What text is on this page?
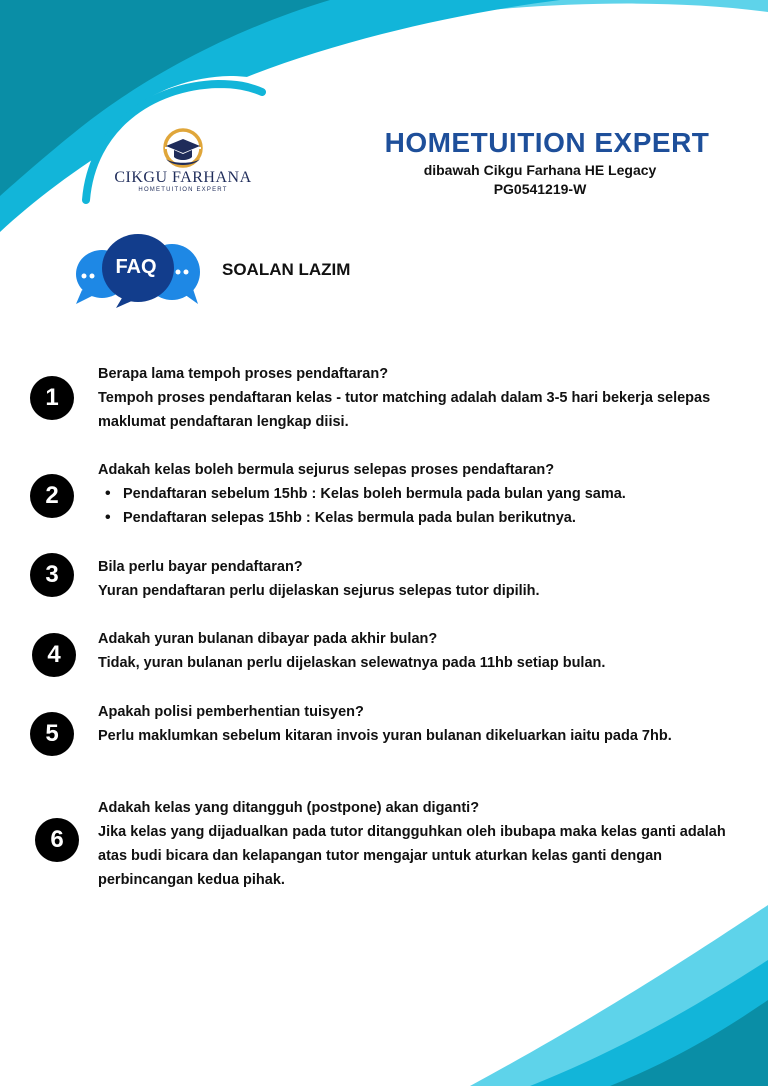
CIKGU FARHANA
HOMETUITION EXPERT
HOMETUITION EXPERT
dibawah Cikgu Farhana HE Legacy
PG0541219-W
FAQ	SOALAN LAZIM
1

Berapa lama tempoh proses pendaftaran?

Tempoh proses pendaftaran kelas - tutor matching adalah dalam 3-5 hari bekerja selepas maklumat pendaftaran lengkap diisi.

2

Adakah kelas boleh bermula sejurus selepas proses pendaftaran?

• Pendaftaran sebelum 15hb : Kelas boleh bermula pada bulan yang sama.
• Pendaftaran selepas 15hb : Kelas bermula pada bulan berikutnya.
3	Bila perlu bayar pendaftaran?

Yuran pendaftaran perlu dijelaskan sejurus selepas tutor dipilih.

4

Adakah yuran bulanan dibayar pada akhir bulan?

Tidak, yuran bulanan perlu dijelaskan selewatnya pada 11hb setiap bulan.

5

Apakah polisi pemberhentian tuisyen?

Perlu maklumkan sebelum kitaran invois yuran bulanan dikeluarkan iaitu pada 7hb.

6

Adakah kelas yang ditangguh (postpone) akan diganti?

Jika kelas yang dijadualkan pada tutor ditangguhkan oleh ibubapa maka kelas ganti adalah atas budi bicara dan kelapangan tutor mengajar untuk aturkan kelas ganti dengan perbincangan kedua pihak.
